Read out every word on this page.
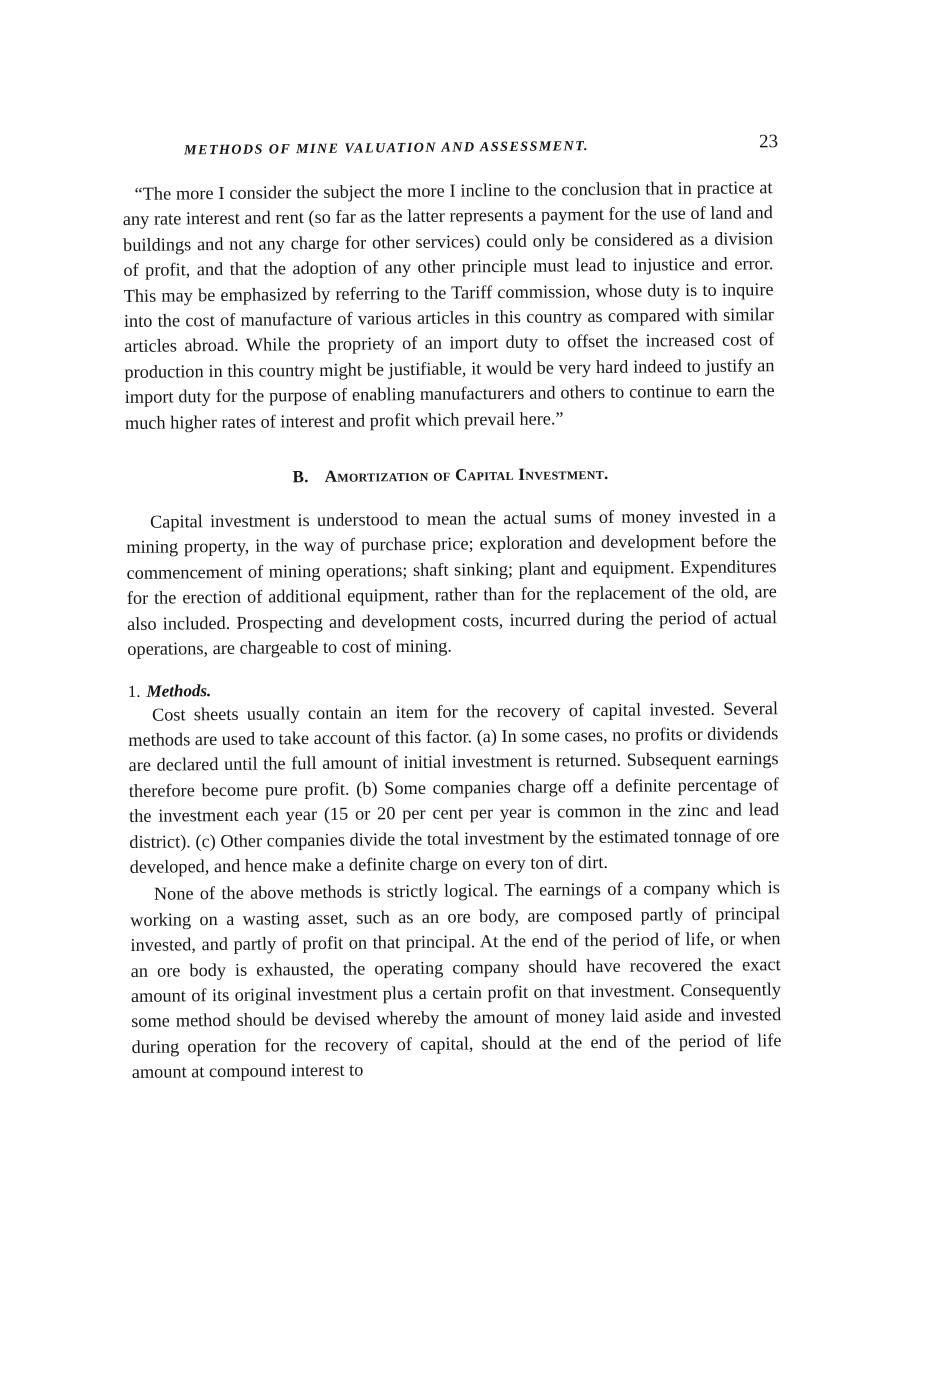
METHODS OF MINE VALUATION AND ASSESSMENT.	23

“The more I consider the subject the more I incline to the conclusion that in practice at any rate interest and rent (so far as the latter represents a payment for the use of land and buildings and not any charge for other services) could only be considered as a division of profit, and that the adoption of any other principle must lead to injustice and error. This may be emphasized by referring to the Tariff commission, whose duty is to inquire into the cost of manufacture of various articles in this country as compared with similar articles abroad. While the propriety of an import duty to offset the increased cost of production in this country might be justifiable, it would be very hard indeed to justify an import duty for the purpose of enabling manufacturers and others to continue to earn the much higher rates of interest and profit which prevail here.”

B. Amortization of Capital Investment.

Capital investment is understood to mean the actual sums of money invested in a mining property, in the way of purchase price; exploration and development before the commencement of mining operations; shaft sinking; plant and equipment. Expenditures for the erection of additional equipment, rather than for the replacement of the old, are also included. Prospecting and development costs, incurred during the period of actual operations, are chargeable to cost of mining.

1. Methods.

Cost sheets usually contain an item for the recovery of capital invested. Several methods are used to take account of this factor. (a) In some cases, no profits or dividends are declared until the full amount of initial investment is returned. Subsequent earnings therefore become pure profit. (b) Some companies charge off a definite percentage of the investment each year (15 or 20 per cent per year is common in the zinc and lead district). (c) Other companies divide the total investment by the estimated tonnage of ore developed, and hence make a definite charge on every ton of dirt.

None of the above methods is strictly logical. The earnings of a company which is working on a wasting asset, such as an ore body, are composed partly of principal invested, and partly of profit on that principal. At the end of the period of life, or when an ore body is exhausted, the operating company should have recovered the exact amount of its original investment plus a certain profit on that investment. Consequently some method should be devised whereby the amount of money laid aside and invested during operation for the recovery of capital, should at the end of the period of life amount at compound interest to
